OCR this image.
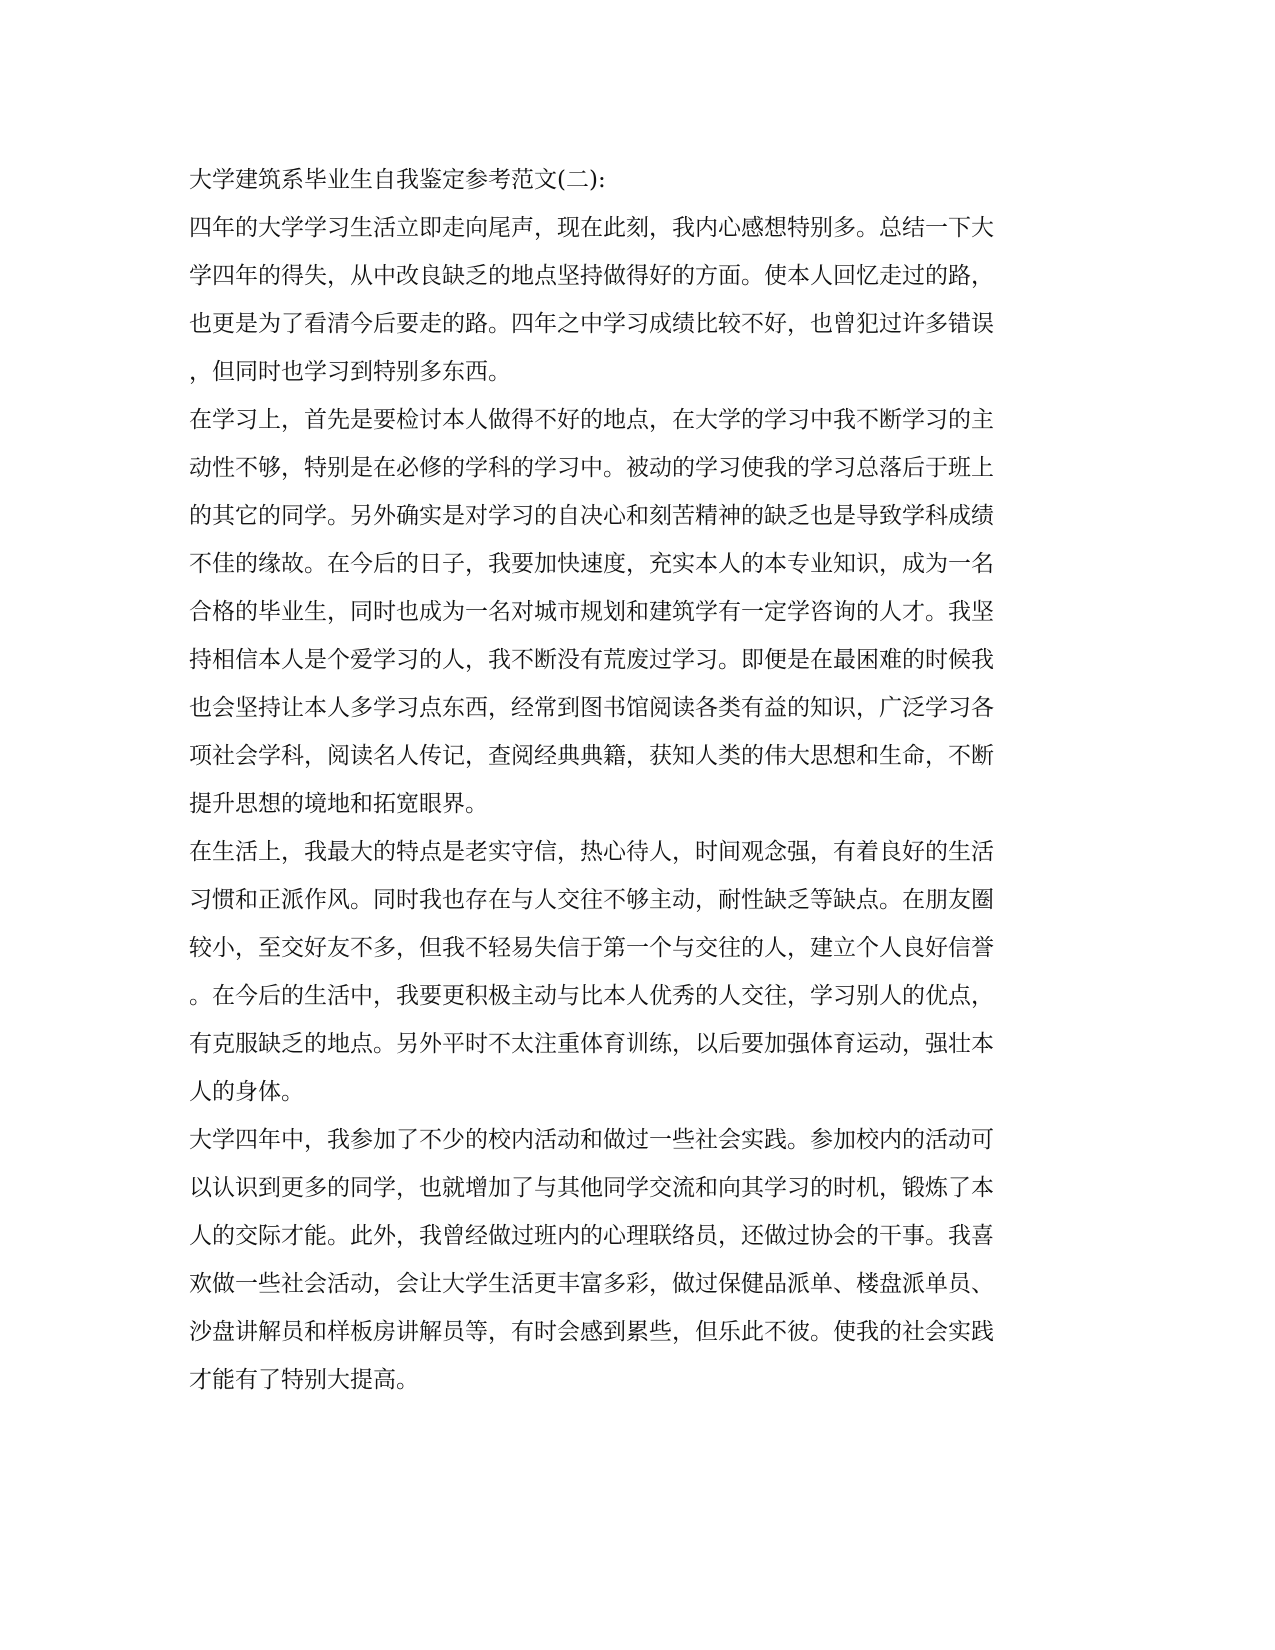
大学建筑系毕业生自我鉴定参考范文(二):
四年的大学学习生活立即走向尾声，现在此刻，我内心感想特别多。总结一下大
学四年的得失，从中改良缺乏的地点坚持做得好的方面。使本人回忆走过的路，
也更是为了看清今后要走的路。四年之中学习成绩比较不好，也曾犯过许多错误
，但同时也学习到特别多东西。
在学习上，首先是要检讨本人做得不好的地点，在大学的学习中我不断学习的主
动性不够，特别是在必修的学科的学习中。被动的学习使我的学习总落后于班上
的其它的同学。另外确实是对学习的自决心和刻苦精神的缺乏也是导致学科成绩
不佳的缘故。在今后的日子，我要加快速度，充实本人的本专业知识，成为一名
合格的毕业生，同时也成为一名对城市规划和建筑学有一定学咨询的人才。我坚
持相信本人是个爱学习的人，我不断没有荒废过学习。即便是在最困难的时候我
也会坚持让本人多学习点东西，经常到图书馆阅读各类有益的知识，广泛学习各
项社会学科，阅读名人传记，查阅经典典籍，获知人类的伟大思想和生命，不断
提升思想的境地和拓宽眼界。
在生活上，我最大的特点是老实守信，热心待人，时间观念强，有着良好的生活
习惯和正派作风。同时我也存在与人交往不够主动，耐性缺乏等缺点。在朋友圈
较小，至交好友不多，但我不轻易失信于第一个与交往的人，建立个人良好信誉
。在今后的生活中，我要更积极主动与比本人优秀的人交往，学习别人的优点，
有克服缺乏的地点。另外平时不太注重体育训练，以后要加强体育运动，强壮本
人的身体。
大学四年中，我参加了不少的校内活动和做过一些社会实践。参加校内的活动可
以认识到更多的同学，也就增加了与其他同学交流和向其学习的时机，锻炼了本
人的交际才能。此外，我曾经做过班内的心理联络员，还做过协会的干事。我喜
欢做一些社会活动，会让大学生活更丰富多彩，做过保健品派单、楼盘派单员、
沙盘讲解员和样板房讲解员等，有时会感到累些，但乐此不彼。使我的社会实践
才能有了特别大提高。
